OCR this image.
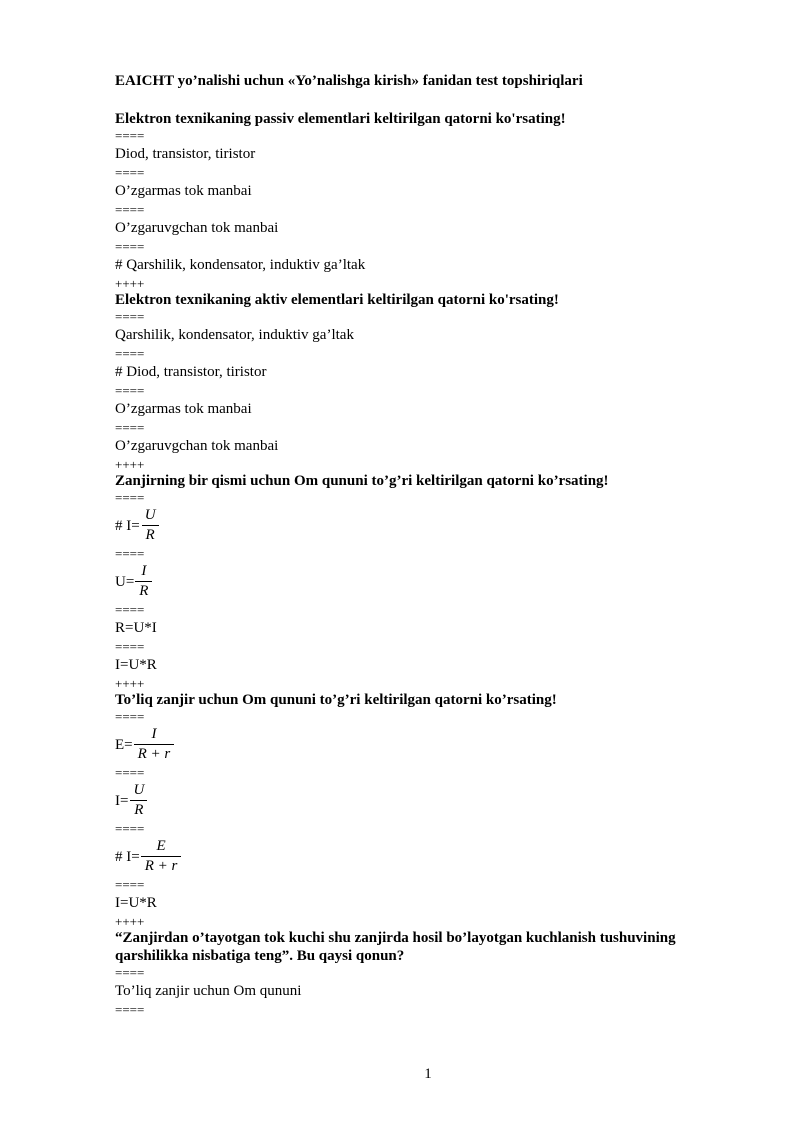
EAICHT yo’nalishi uchun «Yo’nalishga kirish» fanidan test topshiriqlari
Elektron texnikaning passiv elementlari keltirilgan qatorni ko'rsating!
====
Diod, transistor, tiristor
====
O’zgarmas tok manbai
====
O’zgaruvgchan tok manbai
====
# Qarshilik, kondensator, induktiv ga’ltak
++++
Elektron texnikaning aktiv elementlari keltirilgan qatorni ko'rsating!
====
Qarshilik, kondensator, induktiv ga’ltak
====
# Diod, transistor, tiristor
====
O’zgarmas tok manbai
====
O’zgaruvgchan tok manbai
++++
Zanjirning bir qismi uchun Om qununi to’g’ri keltirilgan qatorni ko’rsating!
====
# $I= \frac{U}{R}$
====
$U= \frac{I}{R}$
====
R=U*I
====
I=U*R
++++
To’liq zanjir uchun Om qununi to’g’ri keltirilgan qatorni ko’rsating!
====
$E= \frac{I}{R + r}$
====
$I= \frac{U}{R}$
====
# $I= \frac{E}{R + r}$
====
I=U*R
++++
“Zanjirdan o’tayotgan tok kuchi shu zanjirda hosil bo’layotgan kuchlanish tushuvining qarshilikka nisbatiga teng”. Bu qaysi qonun?
====
To’liq zanjir uchun Om qununi
====
1
